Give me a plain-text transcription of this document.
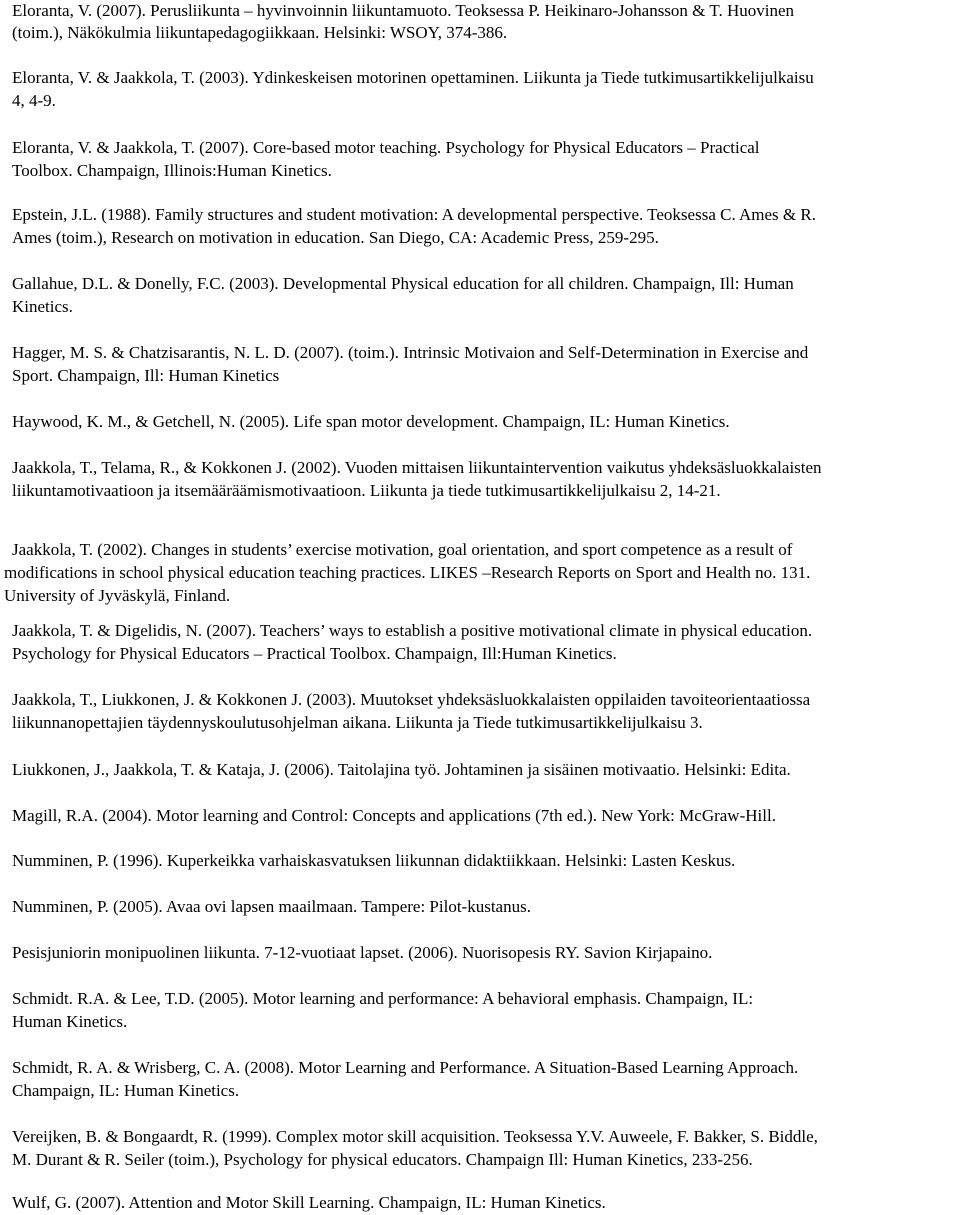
Eloranta, V. (2007). Perusliikunta – hyvinvoinnin liikuntamuoto. Teoksessa P. Heikinaro-Johansson & T. Huovinen
(toim.), Näkökulmia liikuntapedagogiikkaan. Helsinki: WSOY, 374-386.
Eloranta, V. & Jaakkola, T. (2003). Ydinkeskeisen motorinen opettaminen. Liikunta ja Tiede tutkimusartikkelijulkaisu
4, 4-9.
Eloranta, V. & Jaakkola, T. (2007). Core-based motor teaching. Psychology for Physical Educators – Practical
Toolbox. Champaign, Illinois:Human Kinetics.
Epstein, J.L. (1988). Family structures and student motivation: A developmental perspective. Teoksessa C. Ames & R.
Ames (toim.), Research on motivation in education. San Diego, CA: Academic Press, 259-295.
Gallahue, D.L. & Donelly, F.C. (2003). Developmental Physical education for all children. Champaign, Ill: Human
Kinetics.
Hagger, M. S. & Chatzisarantis, N. L. D. (2007). (toim.). Intrinsic Motivaion and Self-Determination in Exercise and
Sport. Champaign, Ill: Human Kinetics
Haywood, K. M., & Getchell, N. (2005). Life span motor development. Champaign, IL: Human Kinetics.
Jaakkola, T., Telama, R., & Kokkonen J. (2002). Vuoden mittaisen liikuntaintervention vaikutus yhdeksäsluokkalaisten
liikuntamotivaatioon ja itsemääräämismotivaatioon. Liikunta ja tiede tutkimusartikkelijulkaisu 2, 14-21.
Jaakkola, T. (2002). Changes in students’ exercise motivation, goal orientation, and sport competence as a result of
modifications in school physical education teaching practices. LIKES –Research Reports on Sport and Health no. 131.
University of Jyväskylä, Finland.
Jaakkola, T. & Digelidis, N. (2007). Teachers’ ways to establish a positive motivational climate in physical education.
Psychology for Physical Educators – Practical Toolbox. Champaign, Ill:Human Kinetics.
Jaakkola, T., Liukkonen, J. & Kokkonen J. (2003). Muutokset yhdeksäsluokkalaisten oppilaiden tavoiteorientaatiossa
liikunnanopettajien täydennyskoulutusohjelman aikana. Liikunta ja Tiede tutkimusartikkelijulkaisu 3.
Liukkonen, J., Jaakkola, T. & Kataja, J. (2006). Taitolajina työ. Johtaminen ja sisäinen motivaatio. Helsinki: Edita.
Magill, R.A. (2004). Motor learning and Control: Concepts and applications (7th ed.). New York: McGraw-Hill.
Numminen, P. (1996). Kuperkeikka varhaiskasvatuksen liikunnan didaktiikkaan. Helsinki: Lasten Keskus.
Numminen, P. (2005). Avaa ovi lapsen maailmaan. Tampere: Pilot-kustanus.
Pesisjuniorin monipuolinen liikunta. 7-12-vuotiaat lapset. (2006). Nuorisopesis RY. Savion Kirjapaino.
Schmidt. R.A. & Lee, T.D. (2005). Motor learning and performance: A behavioral emphasis. Champaign, IL:
Human Kinetics.
Schmidt, R. A. & Wrisberg, C. A. (2008). Motor Learning and Performance. A Situation-Based Learning Approach.
Champaign, IL: Human Kinetics.
Vereijken, B. & Bongaardt, R. (1999). Complex motor skill acquisition. Teoksessa Y.V. Auweele, F. Bakker, S. Biddle,
M. Durant & R. Seiler (toim.), Psychology for physical educators. Champaign Ill: Human Kinetics, 233-256.
Wulf, G. (2007). Attention and Motor Skill Learning. Champaign, IL: Human Kinetics.
